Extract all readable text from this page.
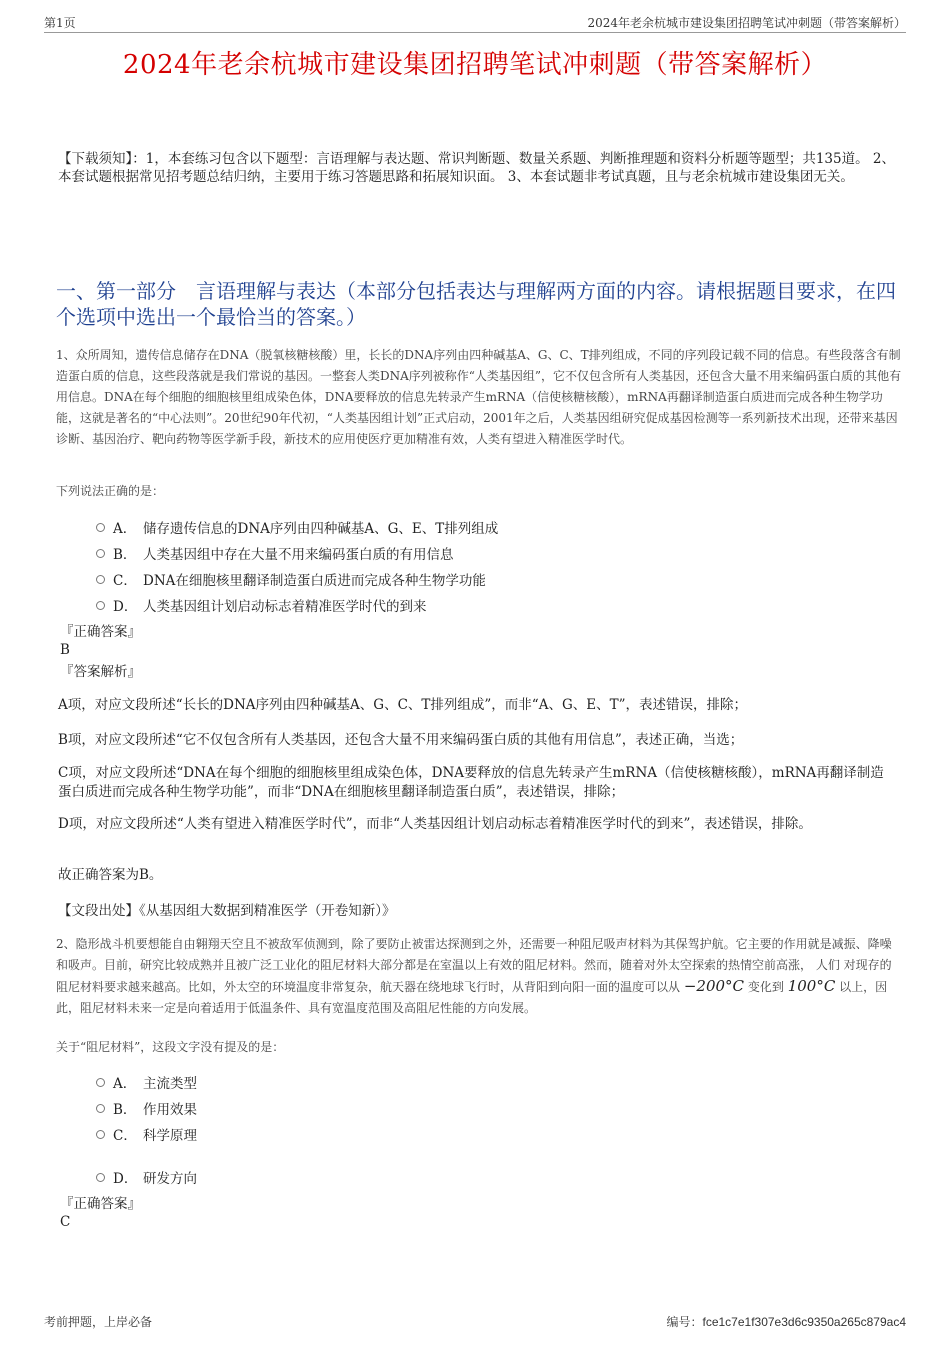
第1页	2024年老余杭城市建设集团招聘笔试冲刺题（带答案解析）
2024年老余杭城市建设集团招聘笔试冲刺题（带答案解析）
【下载须知】：1，本套练习包含以下题型：言语理解与表达题、常识判断题、数量关系题、判断推理题和资料分析题等题型；共135道。 2、本套试题根据常见招考题总结归纳，主要用于练习答题思路和拓展知识面。 3、本套试题非考试真题，且与老余杭城市建设集团无关。
一、第一部分　言语理解与表达（本部分包括表达与理解两方面的内容。请根据题目要求，在四个选项中选出一个最恰当的答案。）
1、众所周知，遗传信息储存在DNA（脱氧核糖核酸）里，长长的DNA序列由四种碱基A、G、C、T排列组成，不同的序列段记载不同的信息。有些段落含有制造蛋白质的信息，这些段落就是我们常说的基因。一整套人类DNA序列被称作“人类基因组”，它不仅包含所有人类基因，还包含大量不用来编码蛋白质的其他有用信息。DNA在每个细胞的细胞核里组成染色体，DNA要释放的信息先转录产生mRNA（信使核糖核酸），mRNA再翻译制造蛋白质进而完成各种生物学功能，这就是著名的“中心法则”。20世纪90年代初，“人类基因组计划”正式启动，2001年之后，人类基因组研究促成基因检测等一系列新技术出现，还带来基因诊断、基因治疗、靶向药物等医学新手段，新技术的应用使医疗更加精准有效，人类有望进入精准医学时代。
下列说法正确的是：
A． 储存遗传信息的DNA序列由四种碱基A、G、E、T排列组成
B． 人类基因组中存在大量不用来编码蛋白质的有用信息
C． DNA在细胞核里翻译制造蛋白质进而完成各种生物学功能
D． 人类基因组计划启动标志着精准医学时代的到来
『正确答案』
B
『答案解析』
A项，对应文段所述“长长的DNA序列由四种碱基A、G、C、T排列组成”，而非“A、G、E、T”，表述错误，排除；
B项，对应文段所述“它不仅包含所有人类基因，还包含大量不用来编码蛋白质的其他有用信息”，表述正确，当选；
C项，对应文段所述“DNA在每个细胞的细胞核里组成染色体，DNA要释放的信息先转录产生mRNA（信使核糖核酸），mRNA再翻译制造蛋白质进而完成各种生物学功能”，而非“DNA在细胞核里翻译制造蛋白质”，表述错误，排除；
D项，对应文段所述“人类有望进入精准医学时代”，而非“人类基因组计划启动标志着精准医学时代的到来”，表述错误，排除。
故正确答案为B。
【文段出处】《从基因组大数据到精准医学（开卷知新）》
2、隐形战斗机要想能自由翱翔天空且不被敌军侦测到，除了要防止被雷达探测到之外，还需要一种阻尼吸声材料为其保驾护航。它主要的作用就是减振、降噪和吸声。目前，研究比较成熟并且被广泛工业化的阻尼材料大部分都是在室温以上有效的阻尼材料。然而，随着对外太空探索的热情空前高涨， 人们 对现存的阻尼材料要求越来越高。比如，外太空的环境温度非常复杂，航天器在绕地球飞行时，从背阳到向阳一面的温度可以从 −200°C 变化到 100°C 以上，因此，阻尼材料未来一定是向着适用于低温条件、具有宽温度范围及高阻尼性能的方向发展。
关于“阻尼材料”，这段文字没有提及的是：
A． 主流类型
B． 作用效果
C． 科学原理
D． 研发方向
『正确答案』
C
考前押题，上岸必备	编号：fce1c7e1f307e3d6c9350a265c879ac4
